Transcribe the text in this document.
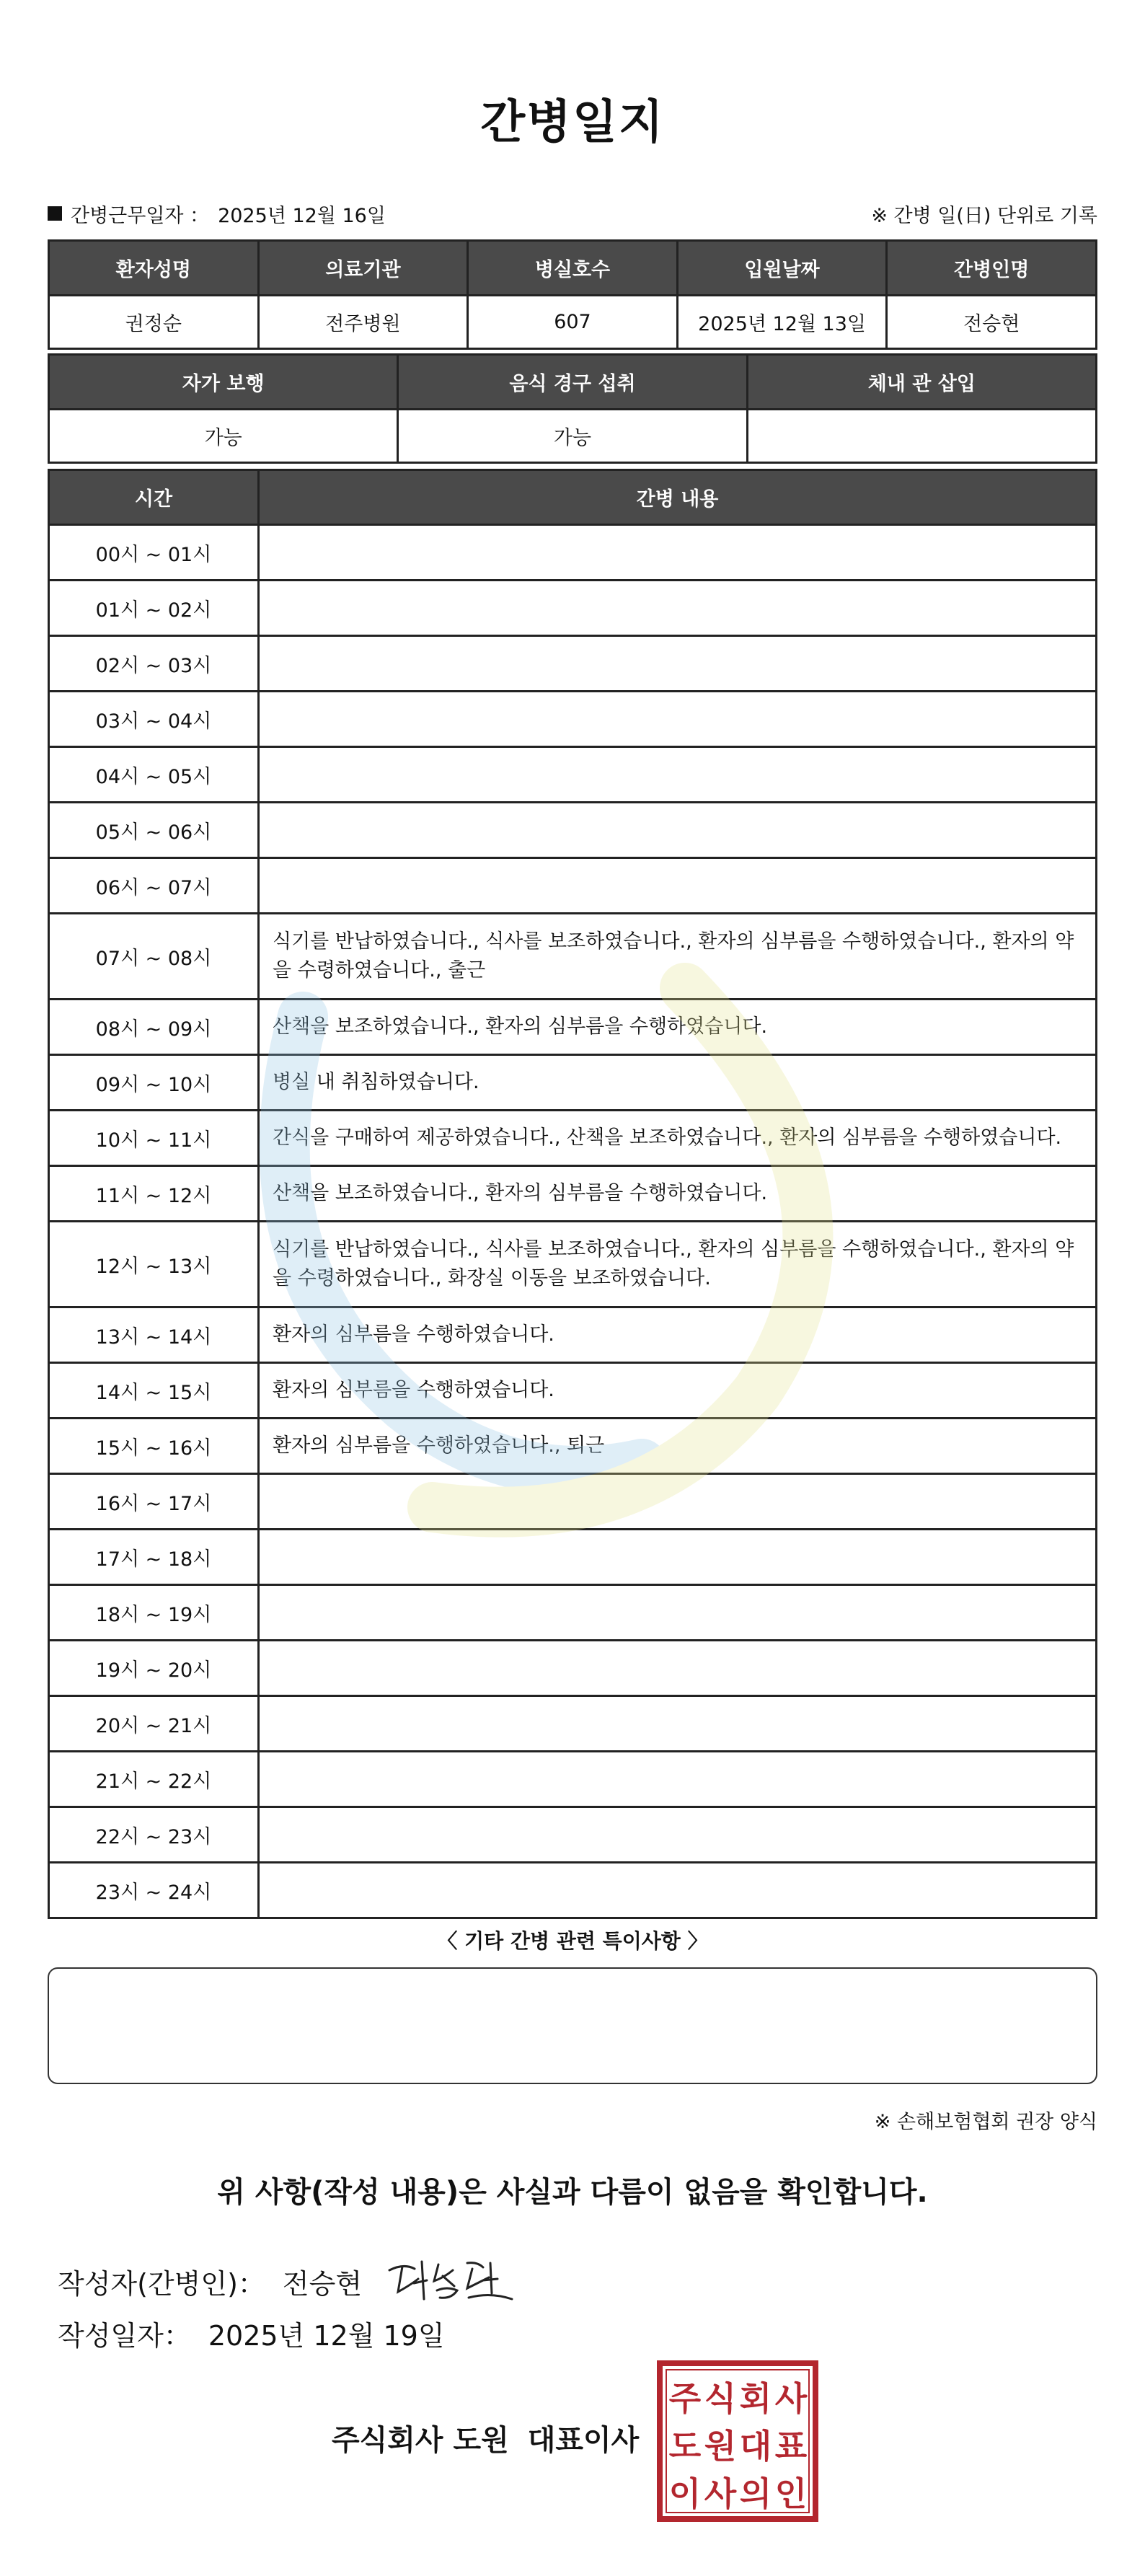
간병일지
간병근무일자 ： 2025년 12월 16일	※ 간병 일(日) 단위로 기록
환자성명	의료기관	병실호수	입원날짜	간병인명
권정순	전주병원	607	2025년 12월 13일	전승현
자가 보행	음식 경구 섭취	체내 관 삽입
가능	가능	
시간	간병 내용
00시 ~ 01시	
01시 ~ 02시	
02시 ~ 03시	
03시 ~ 04시	
04시 ~ 05시	
05시 ~ 06시	
06시 ~ 07시	
07시 ~ 08시	식기를 반납하였습니다., 식사를 보조하였습니다., 환자의 심부름을 수행하였습니다., 환자의 약을 수령하였습니다., 출근
08시 ~ 09시	산책을 보조하였습니다., 환자의 심부름을 수행하였습니다.
09시 ~ 10시	병실 내 취침하였습니다.
10시 ~ 11시	간식을 구매하여 제공하였습니다., 산책을 보조하였습니다., 환자의 심부름을 수행하였습니다.
11시 ~ 12시	산책을 보조하였습니다., 환자의 심부름을 수행하였습니다.
12시 ~ 13시	식기를 반납하였습니다., 식사를 보조하였습니다., 환자의 심부름을 수행하였습니다., 환자의 약을 수령하였습니다., 화장실 이동을 보조하였습니다.
13시 ~ 14시	환자의 심부름을 수행하였습니다.
14시 ~ 15시	환자의 심부름을 수행하였습니다.
15시 ~ 16시	환자의 심부름을 수행하였습니다., 퇴근
16시 ~ 17시	
17시 ~ 18시	
18시 ~ 19시	
19시 ~ 20시	
20시 ~ 21시	
21시 ~ 22시	
22시 ~ 23시	
23시 ~ 24시	
〈 기타 간병 관련 특이사항 〉
※ 손해보험협회 권장 양식
위 사항(작성 내용)은 사실과 다름이 없음을 확인합니다.
작성자(간병인)： 전승현
작성일자： 2025년 12월 19일
주식회사 도원 대표이사
주 식 회 사
도 원 대 표
이 사 의 인
